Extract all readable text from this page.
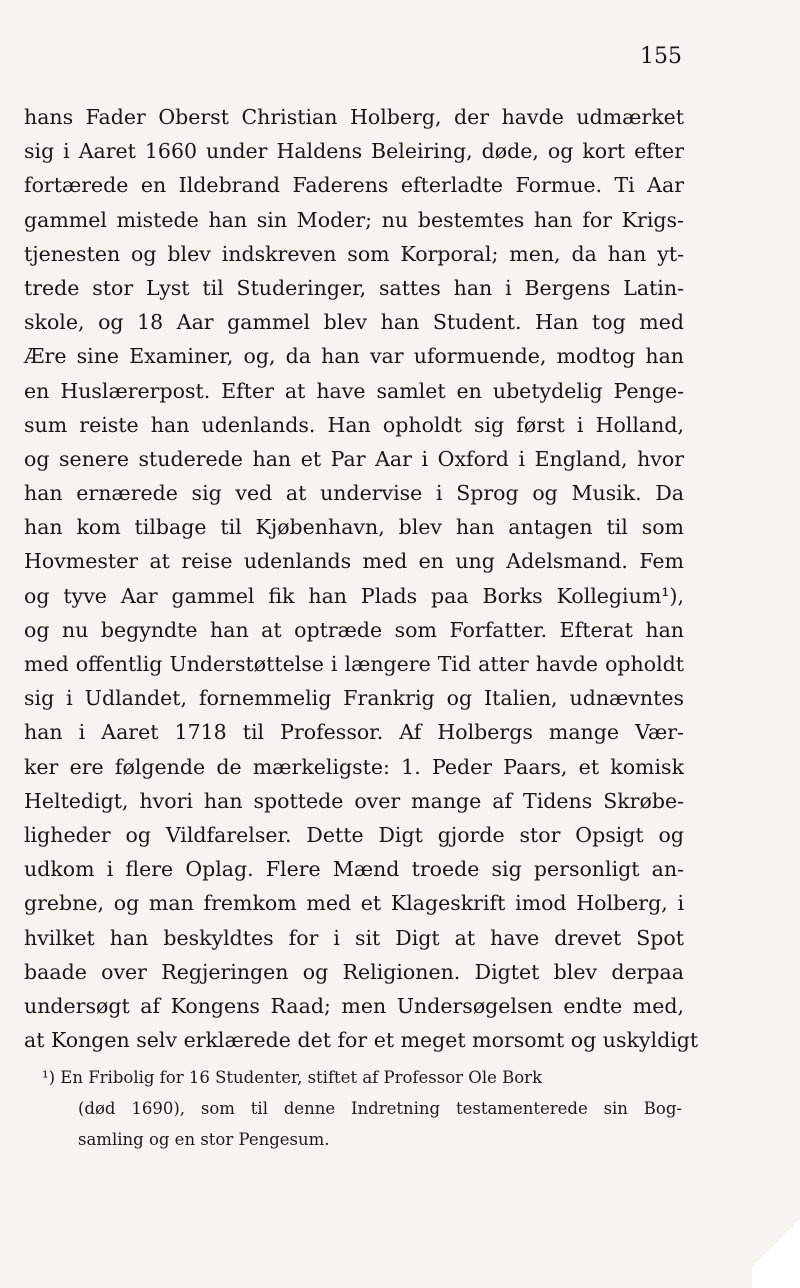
155
hans Fader Oberst Christian Holberg, der havde udmærket
sig i Aaret 1660 under Haldens Beleiring, døde, og kort efter
fortærede en Ildebrand Faderens efterladte Formue. Ti Aar
gammel mistede han sin Moder; nu bestemtes han for Krigs-
tjenesten og blev indskreven som Korporal; men, da han yt-
trede stor Lyst til Studeringer, sattes han i Bergens Latin-
skole, og 18 Aar gammel blev han Student. Han tog med
Ære sine Examiner, og, da han var uformuende, modtog han
en Huslærerpost. Efter at have samlet en ubetydelig Penge-
sum reiste han udenlands. Han opholdt sig først i Holland,
og senere studerede han et Par Aar i Oxford i England, hvor
han ernærede sig ved at undervise i Sprog og Musik. Da
han kom tilbage til Kjøbenhavn, blev han antagen til som
Hovmester at reise udenlands med en ung Adelsmand. Fem
og tyve Aar gammel fik han Plads paa Borks Kollegium¹),
og nu begyndte han at optræde som Forfatter. Efterat han
med offentlig Understøttelse i længere Tid atter havde opholdt
sig i Udlandet, fornemmelig Frankrig og Italien, udnævntes
han i Aaret 1718 til Professor. Af Holbergs mange Vær-
ker ere følgende de mærkeligste: 1. Peder Paars, et komisk
Heltedigt, hvori han spottede over mange af Tidens Skrøbe-
ligheder og Vildfarelser. Dette Digt gjorde stor Opsigt og
udkom i flere Oplag. Flere Mænd troede sig personligt an-
grebne, og man fremkom med et Klageskrift imod Holberg, i
hvilket han beskyldtes for i sit Digt at have drevet Spot
baade over Regjeringen og Religionen. Digtet blev derpaa
undersøgt af Kongens Raad; men Undersøgelsen endte med,
at Kongen selv erklærede det for et meget morsomt og uskyldigt
¹) En Fribolig for 16 Studenter, stiftet af Professor Ole Bork
(død 1690), som til denne Indretning testamenterede sin Bog-
samling og en stor Pengesum.
